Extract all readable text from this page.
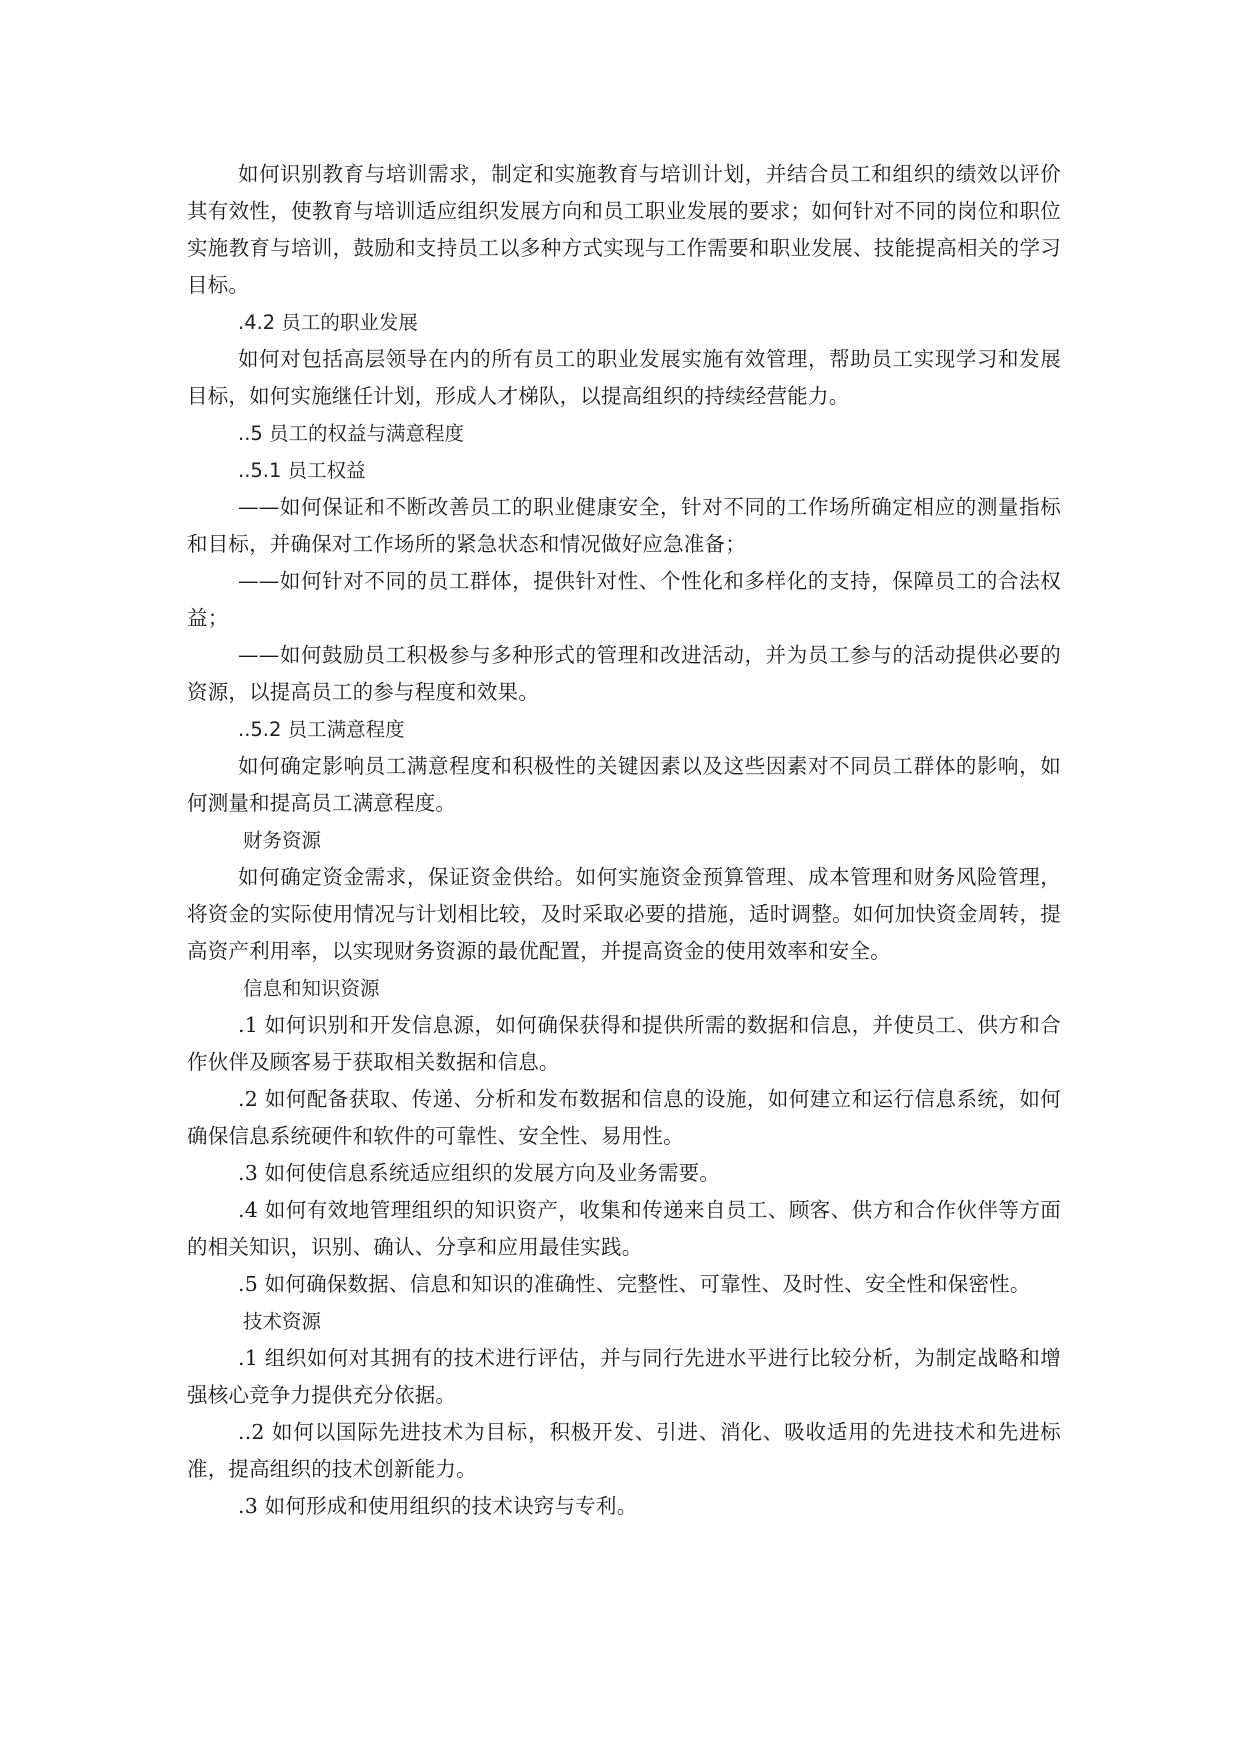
如何识别教育与培训需求，制定和实施教育与培训计划，并结合员工和组织的绩效以评价其有效性，使教育与培训适应组织发展方向和员工职业发展的要求；如何针对不同的岗位和职位实施教育与培训，鼓励和支持员工以多种方式实现与工作需要和职业发展、技能提高相关的学习目标。

.4.2 员工的职业发展

如何对包括高层领导在内的所有员工的职业发展实施有效管理，帮助员工实现学习和发展目标，如何实施继任计划，形成人才梯队，以提高组织的持续经营能力。

..5 员工的权益与满意程度

..5.1 员工权益

——如何保证和不断改善员工的职业健康安全，针对不同的工作场所确定相应的测量指标和目标，并确保对工作场所的紧急状态和情况做好应急准备；

——如何针对不同的员工群体，提供针对性、个性化和多样化的支持，保障员工的合法权益；

——如何鼓励员工积极参与多种形式的管理和改进活动，并为员工参与的活动提供必要的资源，以提高员工的参与程度和效果。

..5.2 员工满意程度

如何确定影响员工满意程度和积极性的关键因素以及这些因素对不同员工群体的影响，如何测量和提高员工满意程度。

财务资源

如何确定资金需求，保证资金供给。如何实施资金预算管理、成本管理和财务风险管理，将资金的实际使用情况与计划相比较，及时采取必要的措施，适时调整。如何加快资金周转，提高资产利用率，以实现财务资源的最优配置，并提高资金的使用效率和安全。

信息和知识资源

.1 如何识别和开发信息源，如何确保获得和提供所需的数据和信息，并使员工、供方和合作伙伴及顾客易于获取相关数据和信息。

.2 如何配备获取、传递、分析和发布数据和信息的设施，如何建立和运行信息系统，如何确保信息系统硬件和软件的可靠性、安全性、易用性。

.3 如何使信息系统适应组织的发展方向及业务需要。

.4 如何有效地管理组织的知识资产，收集和传递来自员工、顾客、供方和合作伙伴等方面的相关知识，识别、确认、分享和应用最佳实践。

.5 如何确保数据、信息和知识的准确性、完整性、可靠性、及时性、安全性和保密性。

技术资源

.1 组织如何对其拥有的技术进行评估，并与同行先进水平进行比较分析，为制定战略和增强核心竞争力提供充分依据。

..2 如何以国际先进技术为目标，积极开发、引进、消化、吸收适用的先进技术和先进标准，提高组织的技术创新能力。

.3 如何形成和使用组织的技术诀窍与专利。
